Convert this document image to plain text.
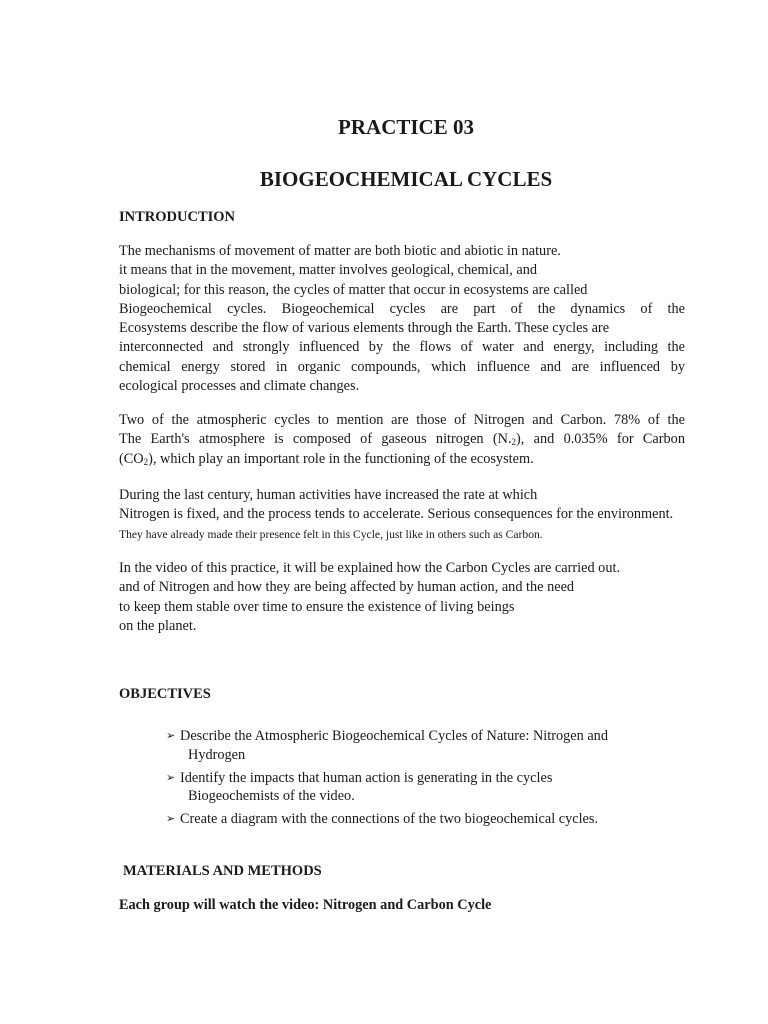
PRACTICE 03
BIOGEOCHEMICAL CYCLES
INTRODUCTION

The mechanisms of movement of matter are both biotic and abiotic in nature.
it means that in the movement, matter involves geological, chemical, and
biological; for this reason, the cycles of matter that occur in ecosystems are called
Biogeochemical cycles. Biogeochemical cycles are part of the dynamics of the
Ecosystems describe the flow of various elements through the Earth. These cycles are
interconnected and strongly influenced by the flows of water and energy, including the
chemical energy stored in organic compounds, which influence and are influenced by
ecological processes and climate changes.

Two of the atmospheric cycles to mention are those of Nitrogen and Carbon. 78% of the
The Earth's atmosphere is composed of gaseous nitrogen $(N._2)$, and 0.035% for Carbon
$(CO_2)$, which play an important role in the functioning of the ecosystem.

During the last century, human activities have increased the rate at which
Nitrogen is fixed, and the process tends to accelerate. Serious consequences for the environment.
They have already made their presence felt in this Cycle, just like in others such as Carbon.

In the video of this practice, it will be explained how the Carbon Cycles are carried out.
and of Nitrogen and how they are being affected by human action, and the need
to keep them stable over time to ensure the existence of living beings
on the planet.

OBJECTIVES
➢ Describe the Atmospheric Biogeochemical Cycles of Nature: Nitrogen and
Hydrogen
➢ Identify the impacts that human action is generating in the cycles
Biogeochemists of the video.
➢ Create a diagram with the connections of the two biogeochemical cycles.
MATERIALS AND METHODS

Each group will watch the video: Nitrogen and Carbon Cycle
